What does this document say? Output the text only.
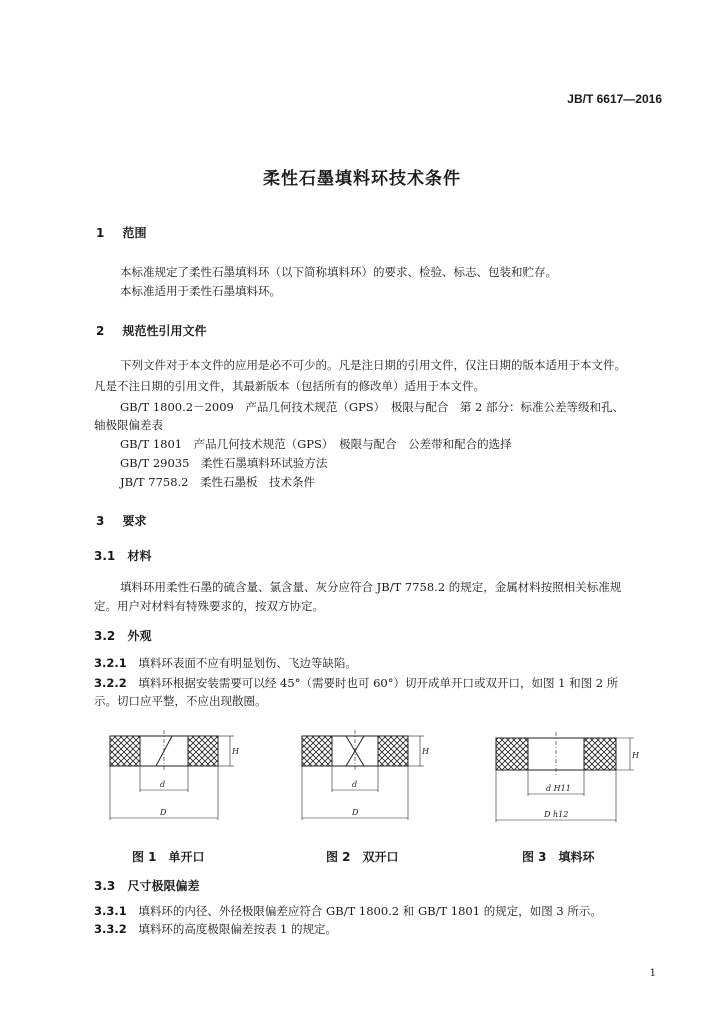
JB/T 6617—2016
柔性石墨填料环技术条件
1 范围
本标准规定了柔性石墨填料环（以下简称填料环）的要求、检验、标志、包装和贮存。
本标准适用于柔性石墨填料环。
2 规范性引用文件
下列文件对于本文件的应用是必不可少的。凡是注日期的引用文件，仅注日期的版本适用于本文件。
凡是不注日期的引用文件，其最新版本（包括所有的修改单）适用于本文件。
GB/T 1800.2－2009　产品几何技术规范（GPS）　极限与配合　第 2 部分：标准公差等级和孔、
轴极限偏差表
GB/T 1801　产品几何技术规范（GPS）　极限与配合　公差带和配合的选择
GB/T 29035　柔性石墨填料环试验方法
JB/T 7758.2　柔性石墨板　技术条件
3 要求
3.1 材料
填料环用柔性石墨的硫含量、氯含量、灰分应符合 JB/T 7758.2 的规定，金属材料按照相关标准规
定。用户对材料有特殊要求的，按双方协定。
3.2 外观
3.2.1 填料环表面不应有明显划伤、飞边等缺陷。
3.2.2 填料环根据安装需要可以经 45°（需要时也可 60°）切开成单开口或双开口，如图 1 和图 2 所
示。切口应平整，不应出现散圈。
H
d
D
H
d
D
H
d H11
D h12
图 1　单开口	图 2　双开口	图 3　填料环
3.3 尺寸极限偏差
3.3.1 填料环的内径、外径极限偏差应符合 GB/T 1800.2 和 GB/T 1801 的规定，如图 3 所示。
3.3.2 填料环的高度极限偏差按表 1 的规定。
1
